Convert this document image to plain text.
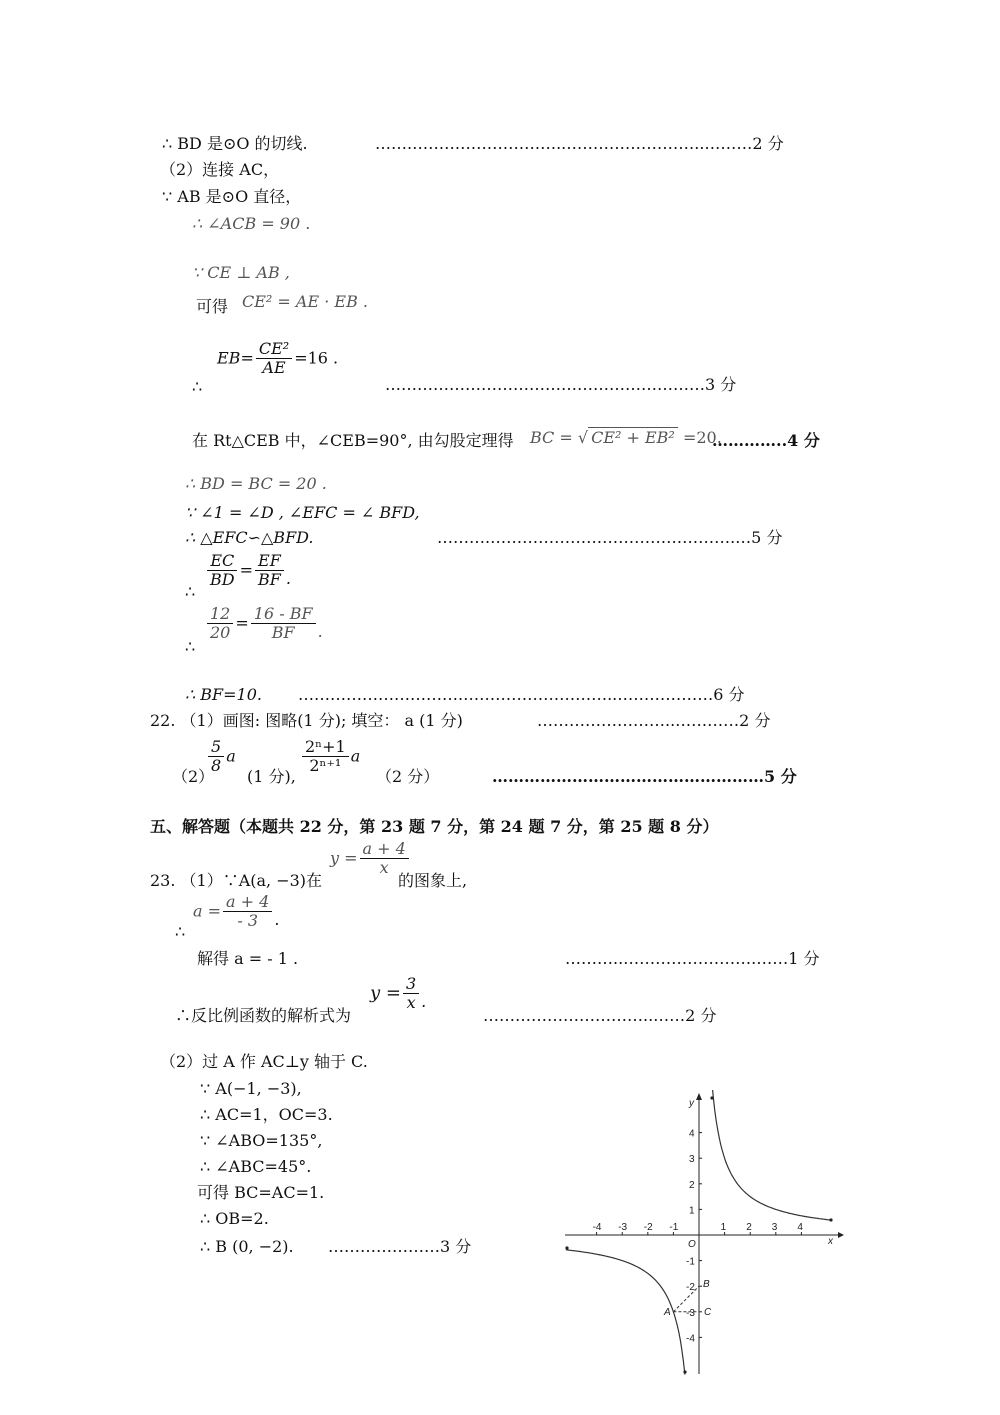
∴ BD 是⊙O 的切线.	…….………………………..……………………..………2 分
（2）连接 AC，
∵ AB 是⊙O 直径，
∴ ∠ACB = 90 .
∵ CE ⊥ AB ,
可得 CE² = AE · EB .
$EB= \frac{\text{CE²}}{AE} =16$ .
∴	……………………………………………………3 分
在 Rt△CEB 中，∠CEB=90°, 由勾股定理得 BC = √ CE² + EB² =20.
…………..4 分
∴ BD = BC = 20 .
∵ ∠1 = ∠D , ∠EFC = ∠ BFD,
∴ △EFC∽△BFD.	……….……………………………………….…5 分
∴
$\frac{EC}{BD} = \frac{EF}{BF}$ .
∴
$\frac{12}{20} = \frac{16 - BF}{BF}$ .
∴ BF=10. ………………………….………………………..………………6 分
22. （1）画图: 图略(1 分); 填空： a (1 分)	……………………..…………2 分
（2）
$\frac{5}{8}$ a
(1 分),
$\frac{\text{2ⁿ+1}}{\text{2ⁿ⁺¹}}$ a
（2 分）	……………………………………………5 分
五、解答题（本题共 22 分，第 23 题 7 分，第 24 题 7 分，第 25 题 8 分）
23. （1）∵A(a, −3)在
$y = \frac{a + 4}{x}$
的图象上,
∴
$a = \frac{a + 4}{- 3}$ .
解得 a = - 1 .	………..…………………….……1 分
∴反比例函数的解析式为
$y = \frac{3}{x}$ .
…………………………..……2 分
（2）过 A 作 AC⊥y 轴于 C.
∵ A(−1, −3),
∴ AC=1，OC=3.
∵ ∠ABO=135°,
∴ ∠ABC=45°.
可得 BC=AC=1.
∴ OB=2.
∴ B (0, −2). …………………3 分	x
y
O
-4 -3 -2 -1	1 2 3 4
4
3
2
1
-1
-2
-3
-4
A
B
C
